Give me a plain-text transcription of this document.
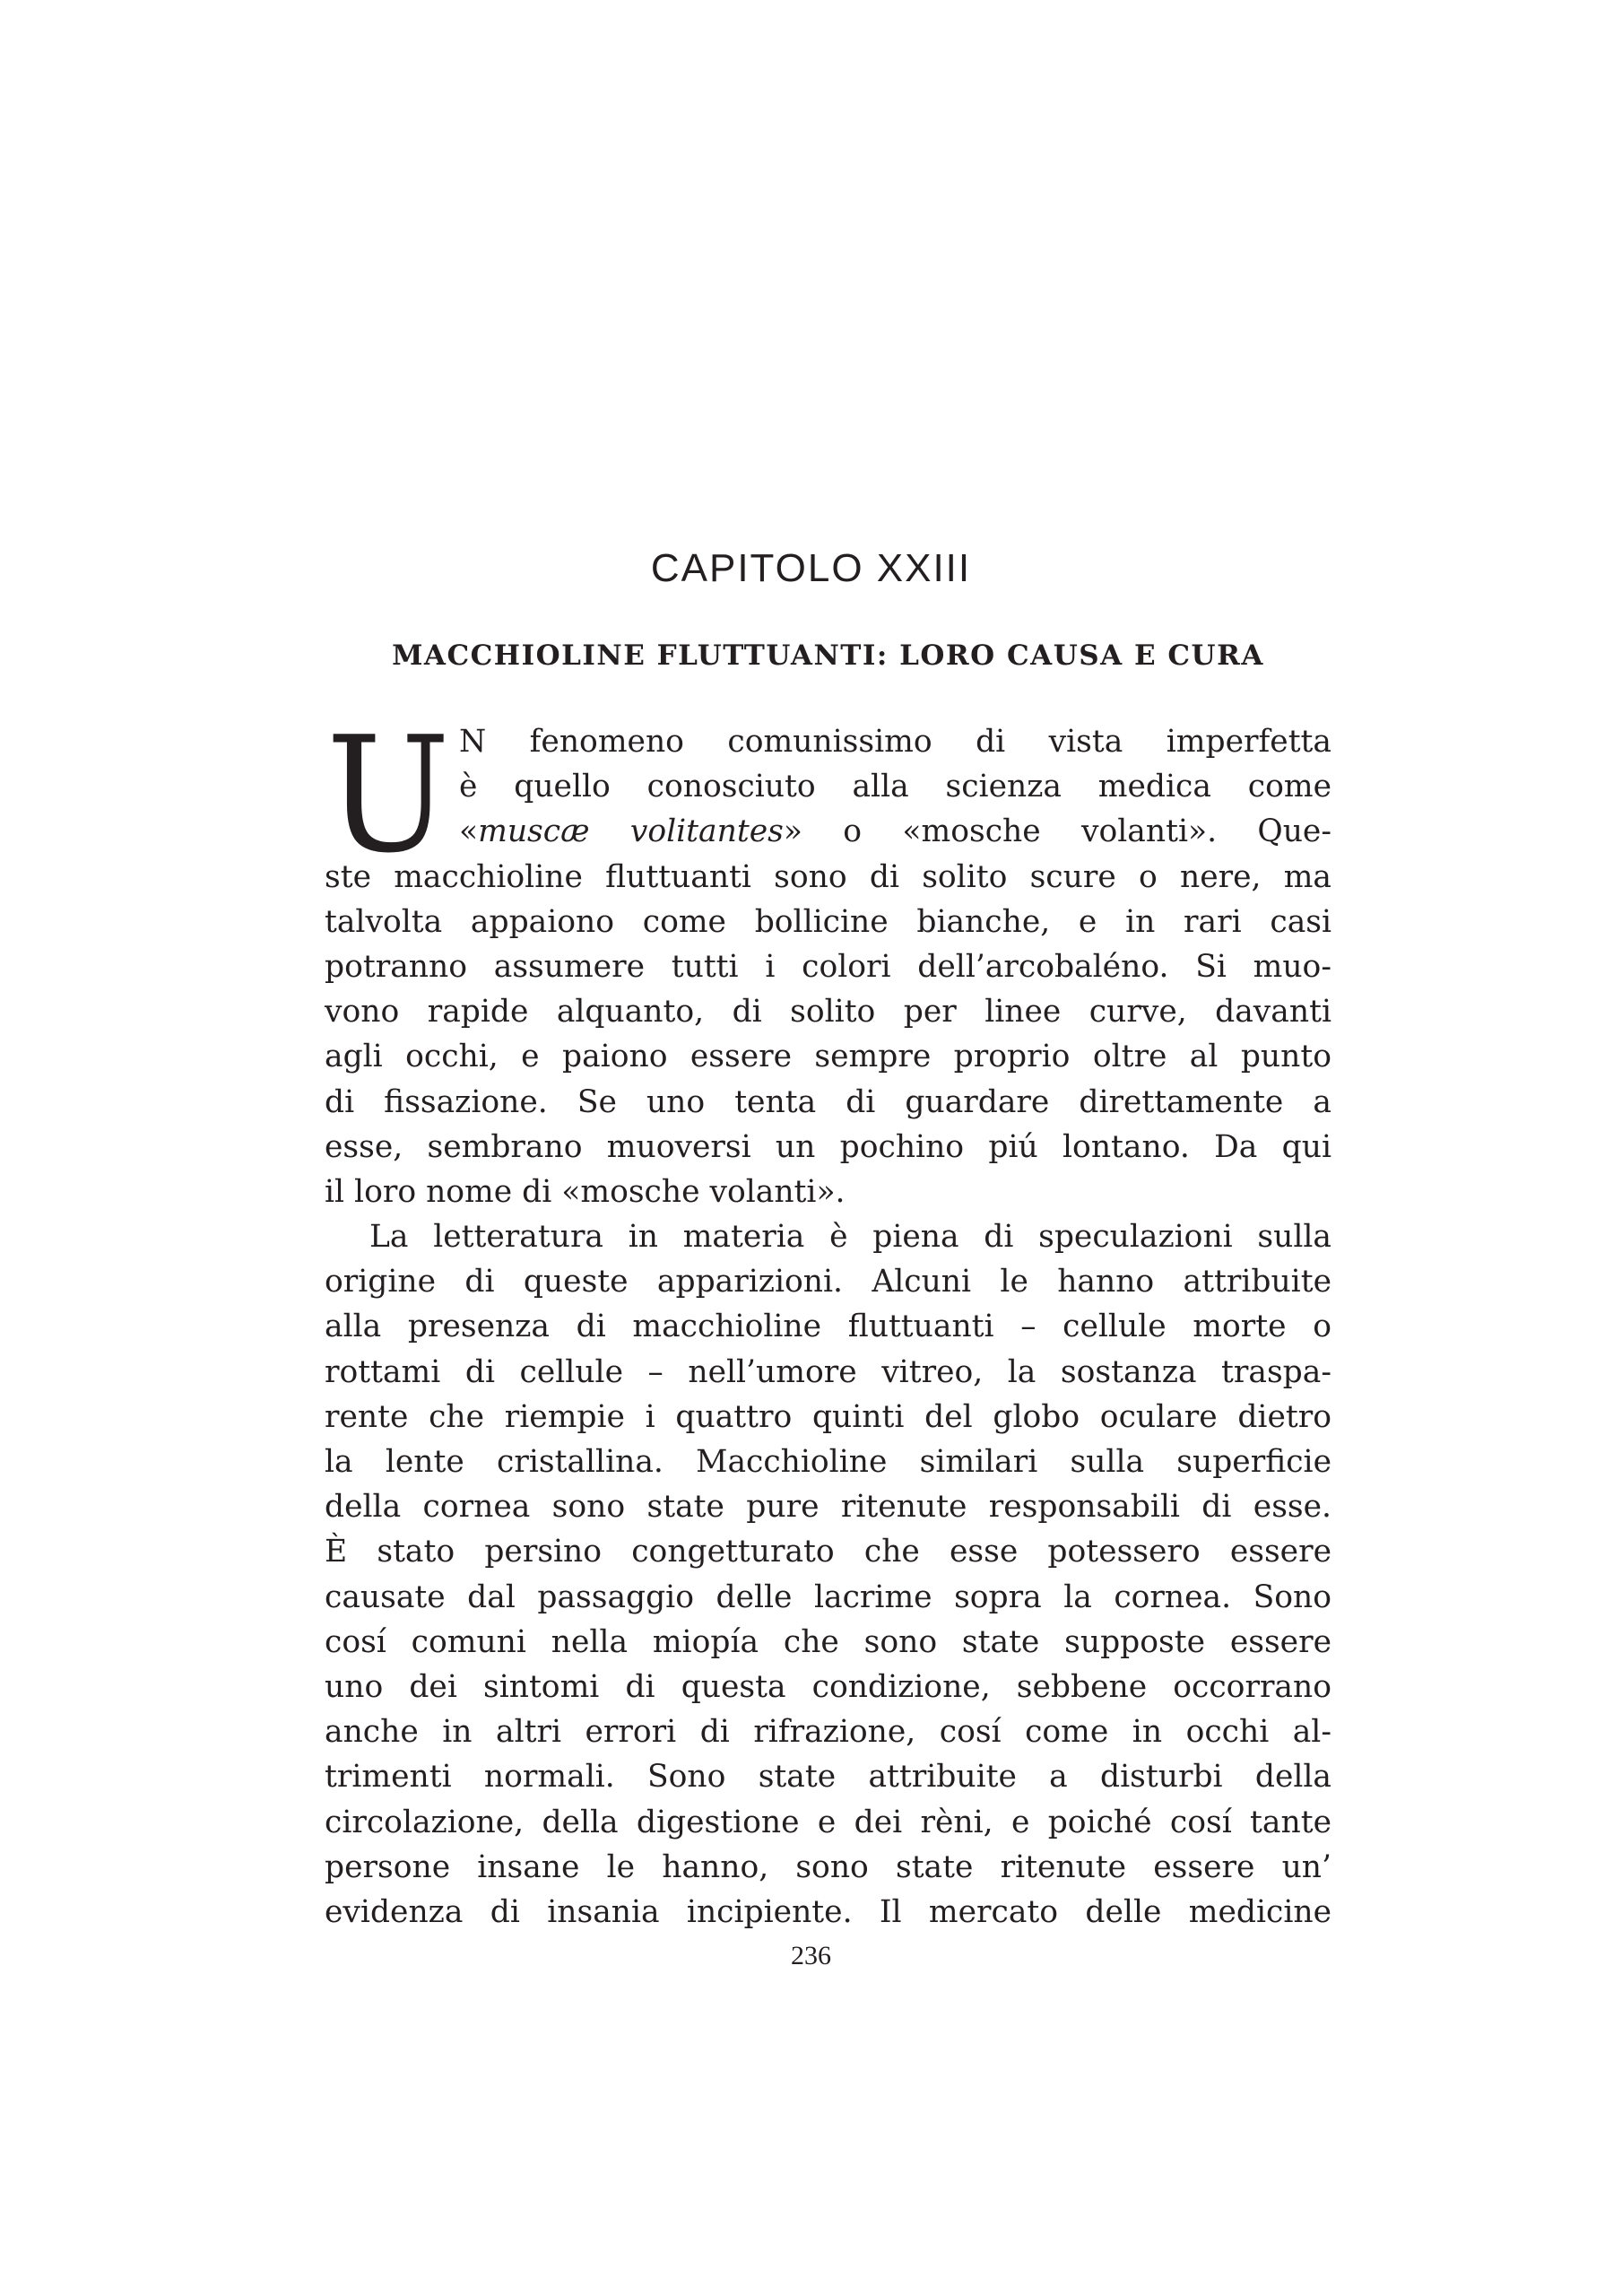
CAPITOLO XXIII
MACCHIOLINE FLUTTUANTI: LORO CAUSA E CURA
U N fenomeno comunissimo di vista imperfetta
è quello conosciuto alla scienza medica come
«muscæ volitantes» o «mosche volanti». Que-
ste macchioline fluttuanti sono di solito scure o nere, ma
talvolta appaiono come bollicine bianche, e in rari casi
potranno assumere tutti i colori dell’arcobaléno. Si muo-
vono rapide alquanto, di solito per linee curve, davanti
agli occhi, e paiono essere sempre proprio oltre al punto
di fissazione. Se uno tenta di guardare direttamente a
esse, sembrano muoversi un pochino piú lontano. Da qui
il loro nome di «mosche volanti».
La letteratura in materia è piena di speculazioni sulla
origine di queste apparizioni. Alcuni le hanno attribuite
alla presenza di macchioline fluttuanti – cellule morte o
rottami di cellule – nell’umore vitreo, la sostanza traspa-
rente che riempie i quattro quinti del globo oculare dietro
la lente cristallina. Macchioline similari sulla superficie
della cornea sono state pure ritenute responsabili di esse.
È stato persino congetturato che esse potessero essere
causate dal passaggio delle lacrime sopra la cornea. Sono
cosí comuni nella miopía che sono state supposte essere
uno dei sintomi di questa condizione, sebbene occorrano
anche in altri errori di rifrazione, cosí come in occhi al-
trimenti normali. Sono state attribuite a disturbi della
circolazione, della digestione e dei rèni, e poiché cosí tante
persone insane le hanno, sono state ritenute essere un’
evidenza di insania incipiente. Il mercato delle medicine
236
